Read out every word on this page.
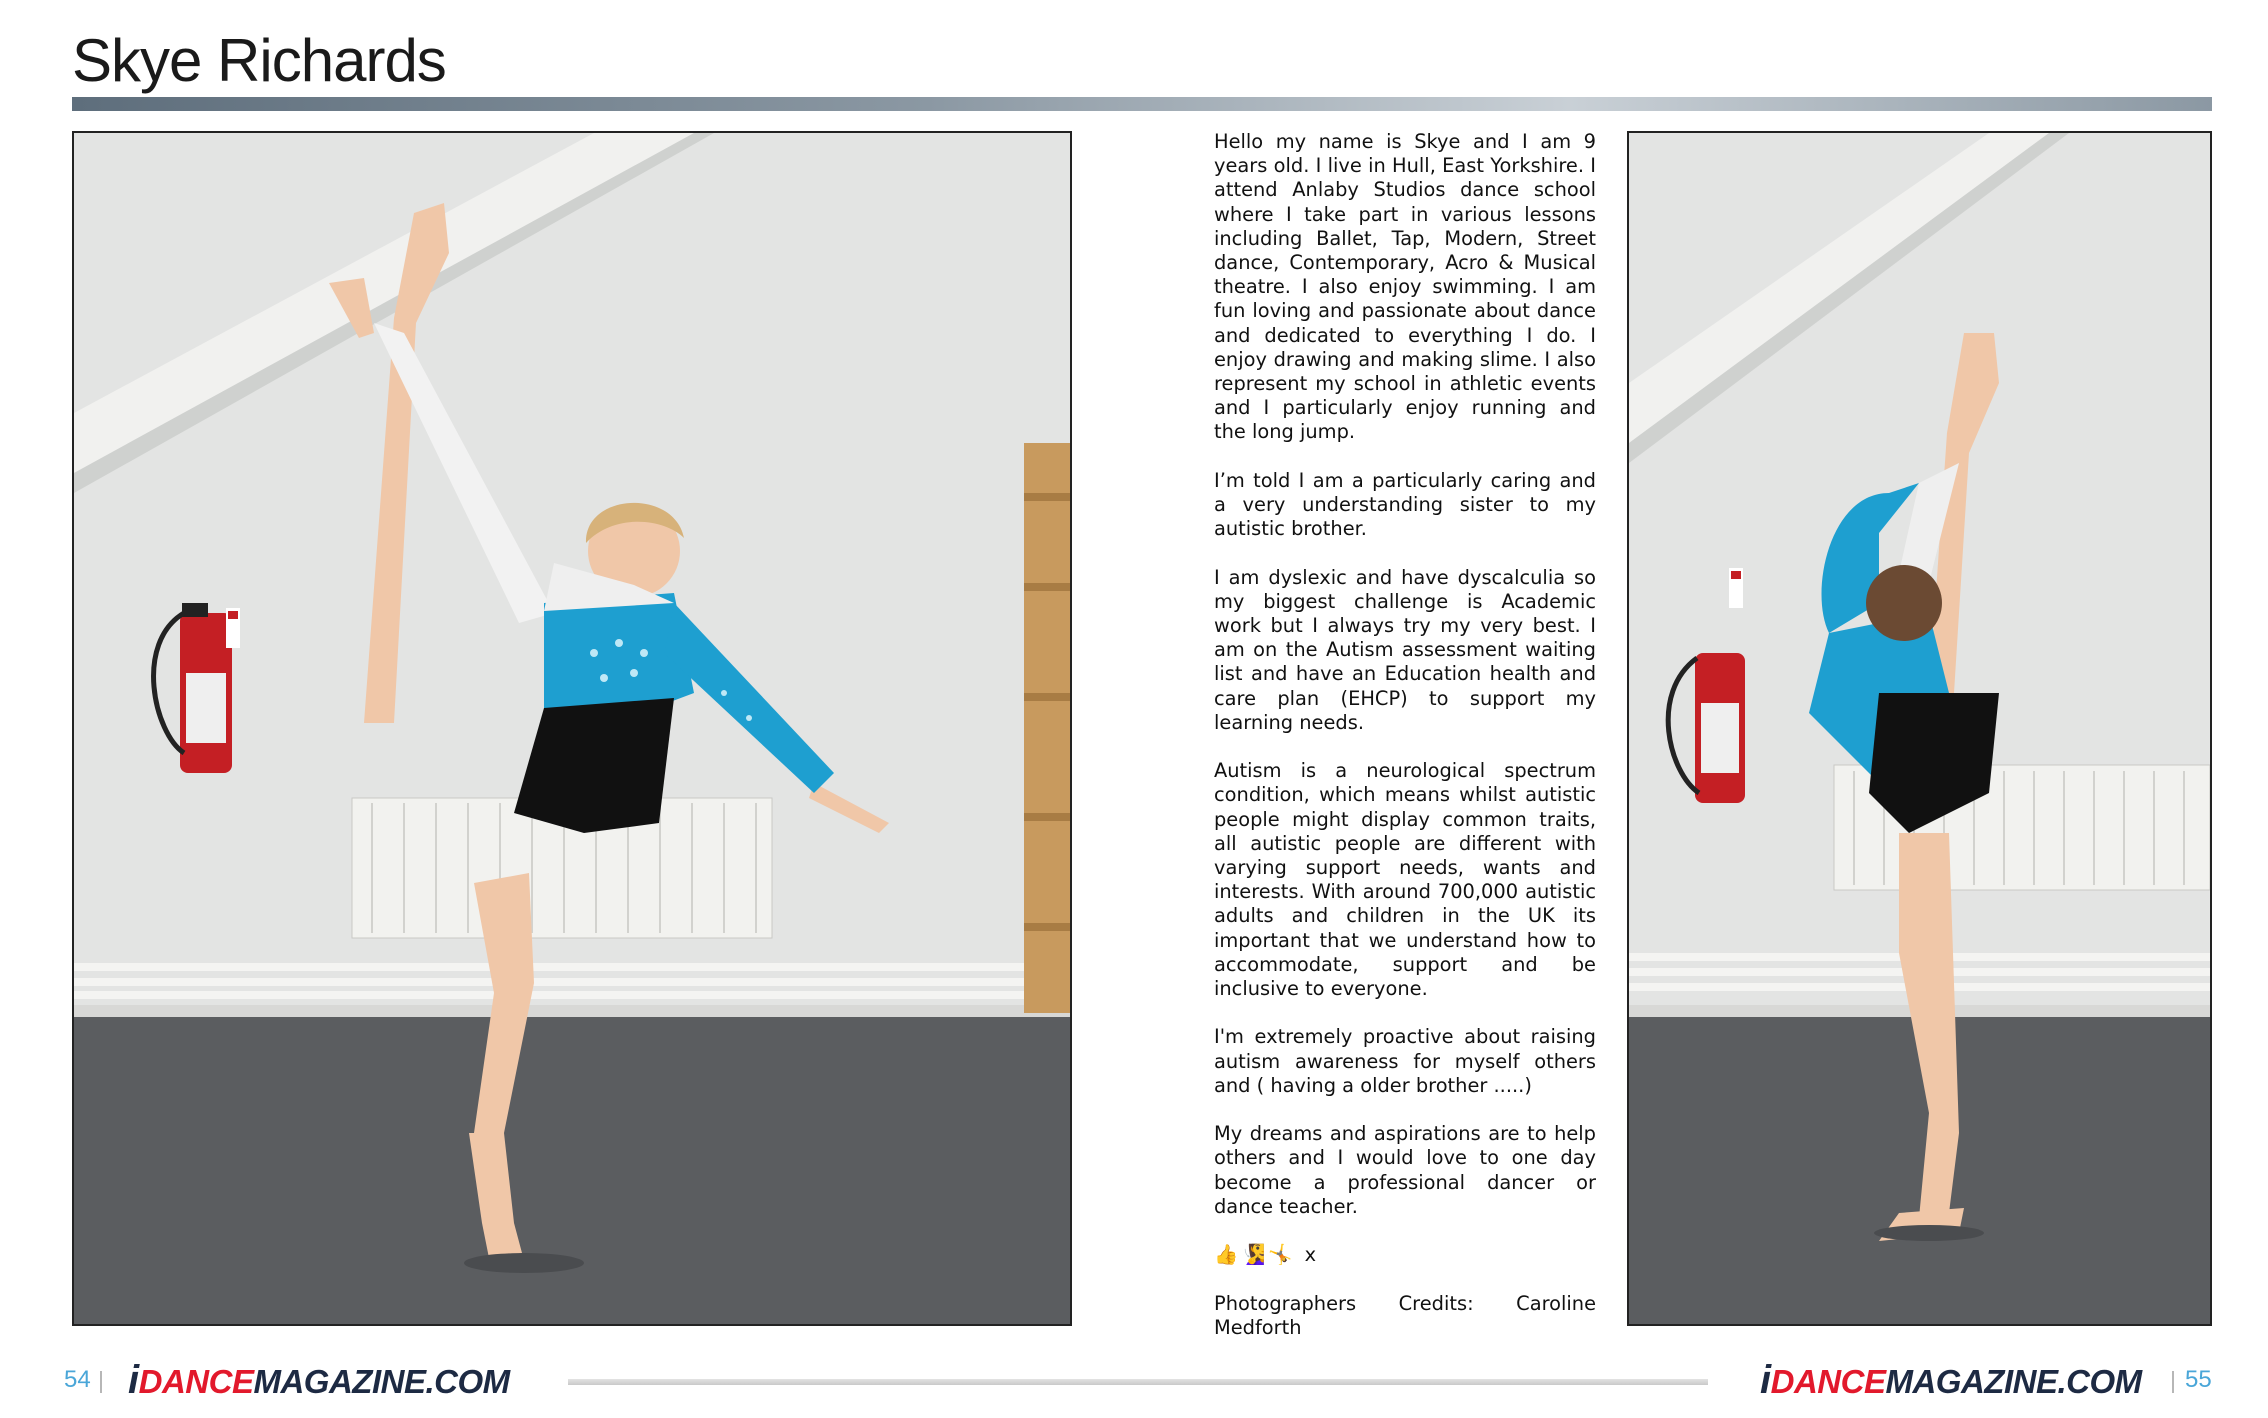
Skye Richards

Hello my name is Skye and I am 9 years old. I live in Hull, East Yorkshire. I attend Anlaby Studios dance school where I take part in various lessons including Ballet, Tap, Modern, Street dance, Contemporary, Acro & Musical theatre. I also enjoy swimming. I am fun loving and passionate about dance and dedicated to everything I do. I enjoy drawing and making slime. I also represent my school in athletic events and I particularly enjoy running and the long jump.

I’m told I am a particularly caring and a very understanding sister to my autistic brother.

I am dyslexic and have dyscalculia so my biggest challenge is Academic work but I always try my very best. I am on the Autism assessment waiting list and have an Education health and care plan (EHCP) to support my learning needs.

Autism is a neurological spectrum condition, which means whilst autistic people might display common traits, all autistic people are different with varying support needs, wants and interests. With around 700,000 autistic adults and children in the UK its important that we understand how to accommodate, support and be inclusive to everyone.

I'm extremely proactive about raising autism awareness for myself others and ( having a older brother .....)

My dreams and aspirations are to help others and I would love to one day become a professional dancer or dance teacher.

👍🧏‍♀️🤸 x

Photographers Credits: Caroline Medforth

54 iDANCEMAGAZINE.COM	iDANCEMAGAZINE.COM 55
